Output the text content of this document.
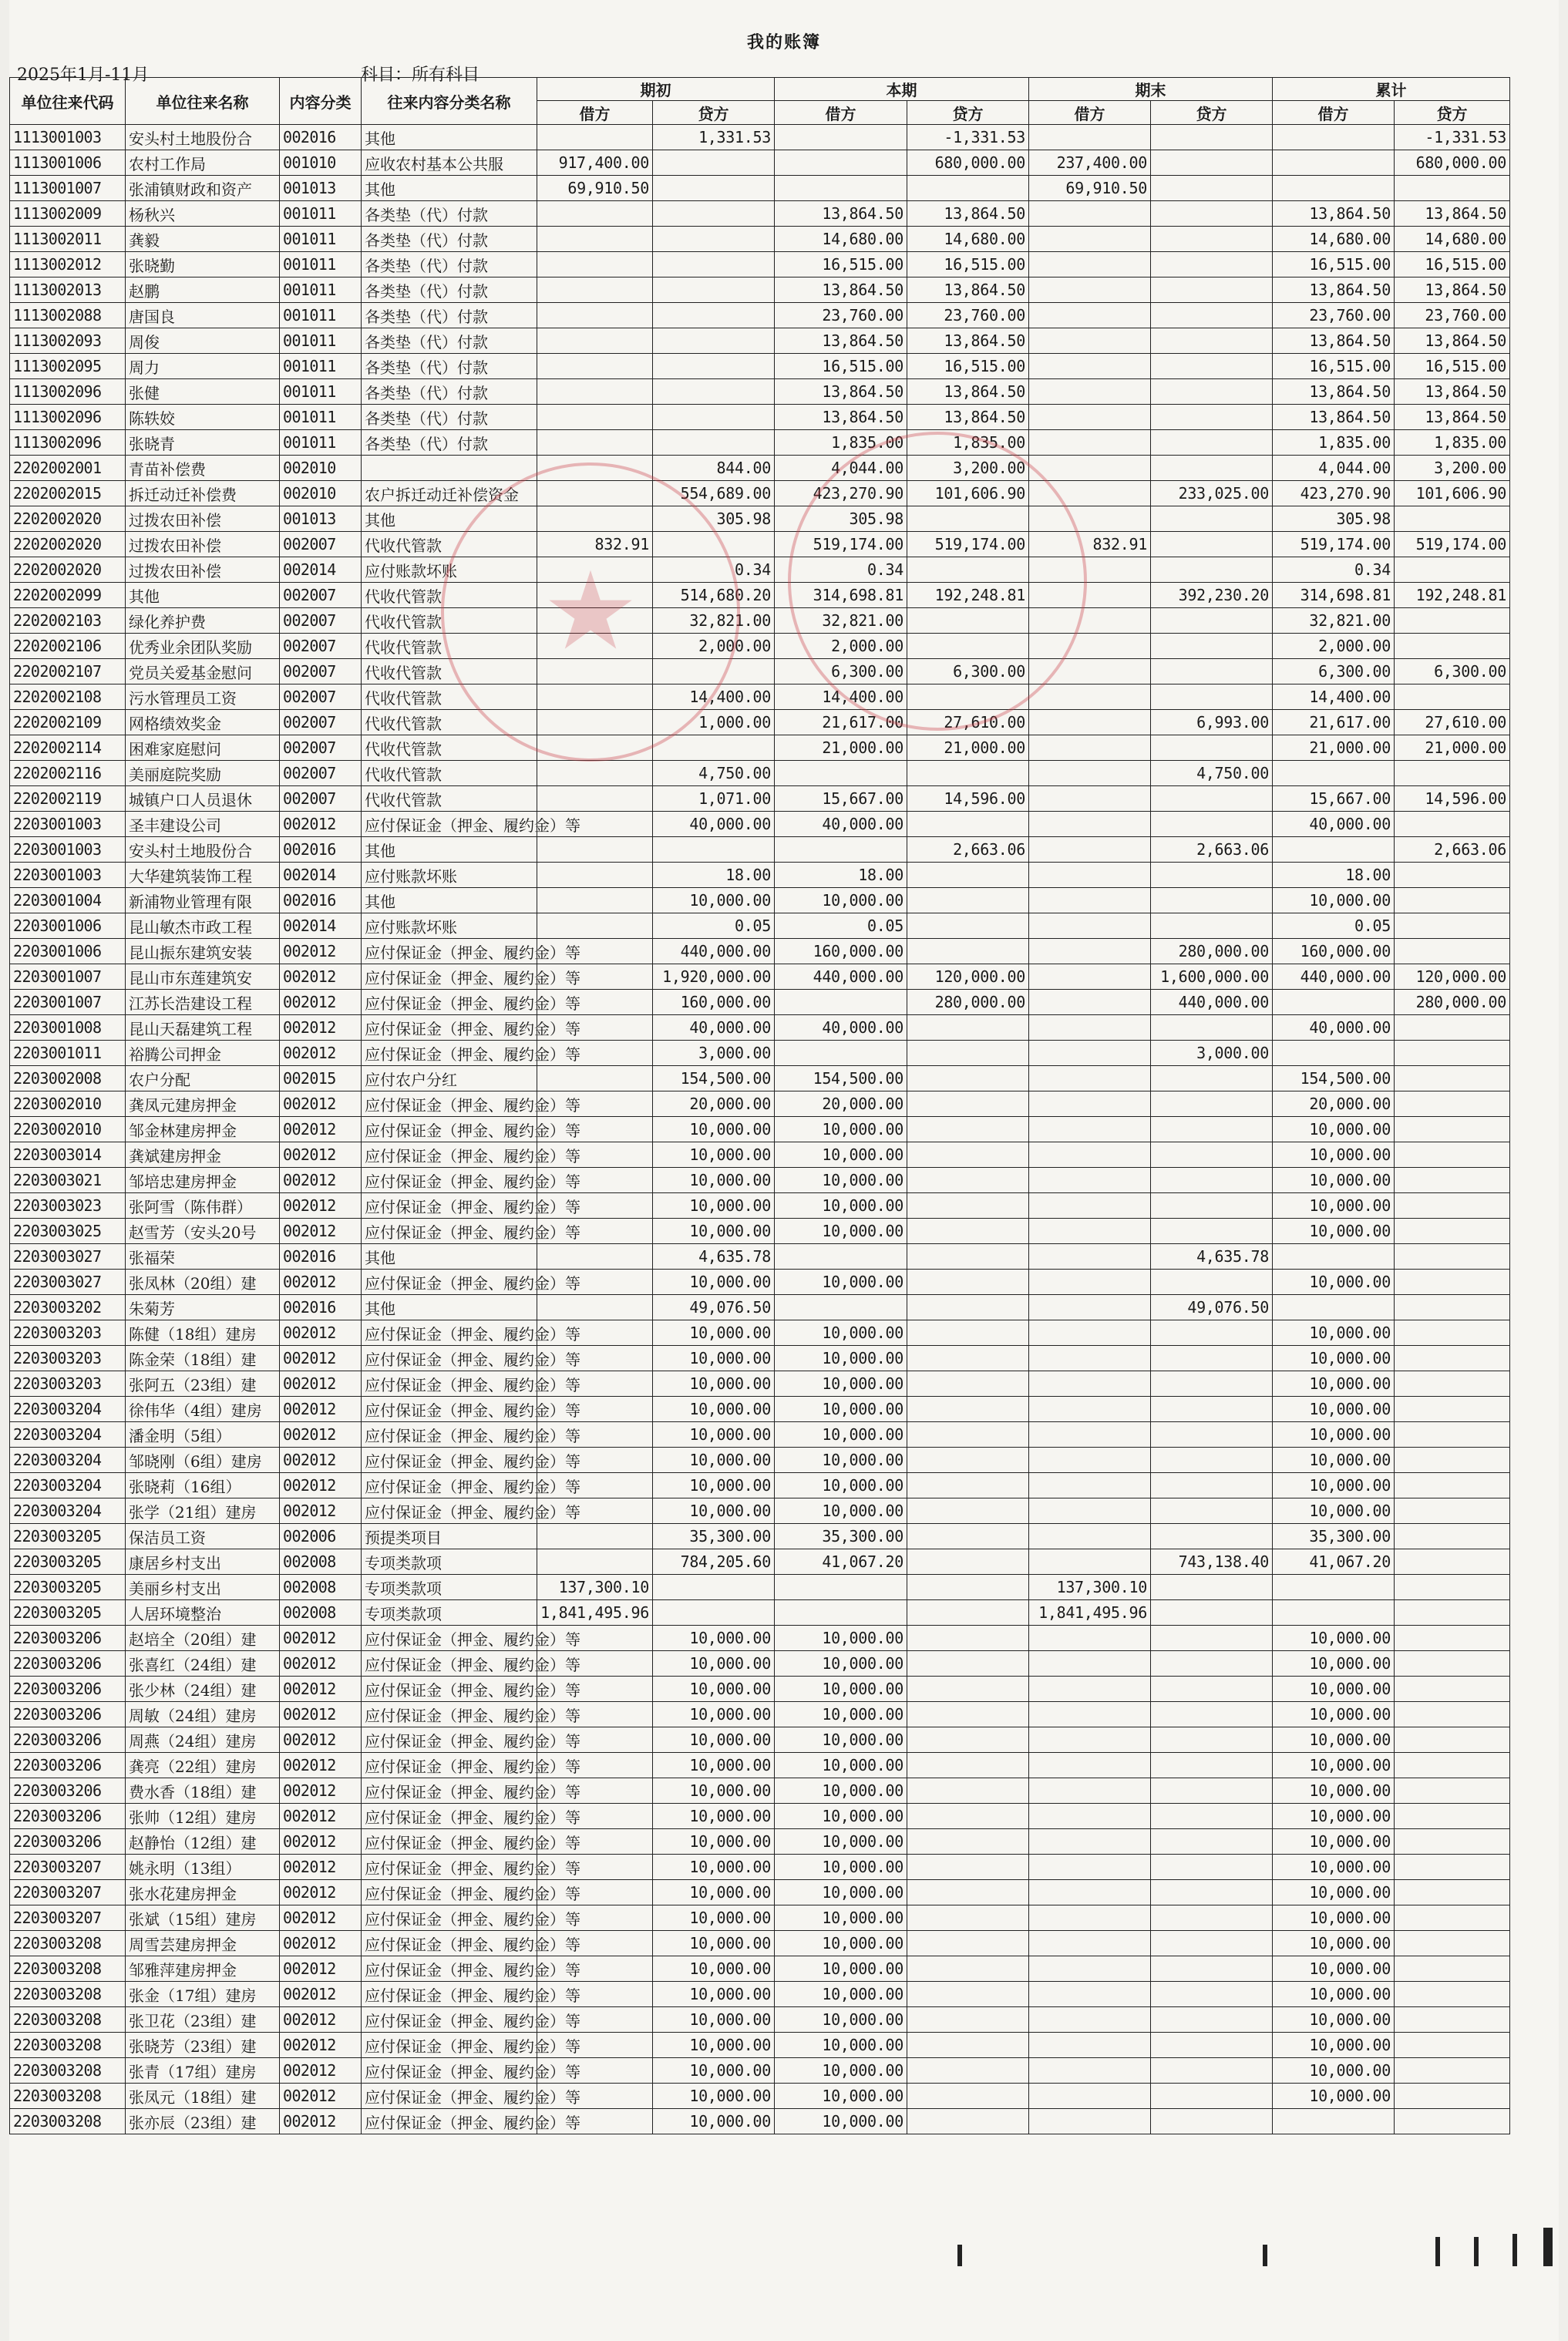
我的账簿
2025年1月-11月	科目：所有科目
单位往来代码	单位往来名称	内容分类	往来内容分类名称	期初		本期		期末		累计	
				借方	贷方	借方	贷方	借方	贷方	借方	贷方
1113001003	安头村土地股份合	002016	其他		1,331.53		-1,331.53				-1,331.53
1113001006	农村工作局	001010	应收农村基本公共服	917,400.00			680,000.00	237,400.00			680,000.00
1113001007	张浦镇财政和资产	001013	其他	69,910.50				69,910.50			
1113002009	杨秋兴	001011	各类垫（代）付款			13,864.50	13,864.50			13,864.50	13,864.50
1113002011	龚毅	001011	各类垫（代）付款			14,680.00	14,680.00			14,680.00	14,680.00
1113002012	张晓勤	001011	各类垫（代）付款			16,515.00	16,515.00			16,515.00	16,515.00
1113002013	赵鹏	001011	各类垫（代）付款			13,864.50	13,864.50			13,864.50	13,864.50
1113002088	唐国良	001011	各类垫（代）付款			23,760.00	23,760.00			23,760.00	23,760.00
1113002093	周俊	001011	各类垫（代）付款			13,864.50	13,864.50			13,864.50	13,864.50
1113002095	周力	001011	各类垫（代）付款			16,515.00	16,515.00			16,515.00	16,515.00
1113002096	张健	001011	各类垫（代）付款			13,864.50	13,864.50			13,864.50	13,864.50
1113002096	陈轶姣	001011	各类垫（代）付款			13,864.50	13,864.50			13,864.50	13,864.50
1113002096	张晓青	001011	各类垫（代）付款			1,835.00	1,835.00			1,835.00	1,835.00
2202002001	青苗补偿费	002010			844.00	4,044.00	3,200.00			4,044.00	3,200.00
2202002015	拆迁动迁补偿费	002010	农户拆迁动迁补偿资金		554,689.00	423,270.90	101,606.90		233,025.00	423,270.90	101,606.90
2202002020	过拨农田补偿	001013	其他		305.98	305.98				305.98	
2202002020	过拨农田补偿	002007	代收代管款	832.91		519,174.00	519,174.00	832.91		519,174.00	519,174.00
2202002020	过拨农田补偿	002014	应付账款坏账		0.34	0.34				0.34	
2202002099	其他	002007	代收代管款		514,680.20	314,698.81	192,248.81		392,230.20	314,698.81	192,248.81
2202002103	绿化养护费	002007	代收代管款		32,821.00	32,821.00				32,821.00	
2202002106	优秀业余团队奖励	002007	代收代管款		2,000.00	2,000.00				2,000.00	
2202002107	党员关爱基金慰问	002007	代收代管款			6,300.00	6,300.00			6,300.00	6,300.00
2202002108	污水管理员工资	002007	代收代管款		14,400.00	14,400.00				14,400.00	
2202002109	网格绩效奖金	002007	代收代管款		1,000.00	21,617.00	27,610.00		6,993.00	21,617.00	27,610.00
2202002114	困难家庭慰问	002007	代收代管款			21,000.00	21,000.00			21,000.00	21,000.00
2202002116	美丽庭院奖励	002007	代收代管款		4,750.00				4,750.00		
2202002119	城镇户口人员退休	002007	代收代管款		1,071.00	15,667.00	14,596.00			15,667.00	14,596.00
2203001003	圣丰建设公司	002012	应付保证金（押金、履约金）等		40,000.00	40,000.00				40,000.00	
2203001003	安头村土地股份合	002016	其他				2,663.06		2,663.06		2,663.06
2203001003	大华建筑装饰工程	002014	应付账款坏账		18.00	18.00				18.00	
2203001004	新浦物业管理有限	002016	其他		10,000.00	10,000.00				10,000.00	
2203001006	昆山敏杰市政工程	002014	应付账款坏账		0.05	0.05				0.05	
2203001006	昆山振东建筑安装	002012	应付保证金（押金、履约金）等		440,000.00	160,000.00			280,000.00	160,000.00	
2203001007	昆山市东莲建筑安	002012	应付保证金（押金、履约金）等		1,920,000.00	440,000.00	120,000.00		1,600,000.00	440,000.00	120,000.00
2203001007	江苏长浩建设工程	002012	应付保证金（押金、履约金）等		160,000.00		280,000.00		440,000.00		280,000.00
2203001008	昆山天磊建筑工程	002012	应付保证金（押金、履约金）等		40,000.00	40,000.00				40,000.00	
2203001011	裕腾公司押金	002012	应付保证金（押金、履约金）等		3,000.00				3,000.00		
2203002008	农户分配	002015	应付农户分红		154,500.00	154,500.00				154,500.00	
2203002010	龚凤元建房押金	002012	应付保证金（押金、履约金）等		20,000.00	20,000.00				20,000.00	
2203002010	邹金林建房押金	002012	应付保证金（押金、履约金）等		10,000.00	10,000.00				10,000.00	
2203003014	龚斌建房押金	002012	应付保证金（押金、履约金）等		10,000.00	10,000.00				10,000.00	
2203003021	邹培忠建房押金	002012	应付保证金（押金、履约金）等		10,000.00	10,000.00				10,000.00	
2203003023	张阿雪（陈伟群）	002012	应付保证金（押金、履约金）等		10,000.00	10,000.00				10,000.00	
2203003025	赵雪芳（安头20号	002012	应付保证金（押金、履约金）等		10,000.00	10,000.00				10,000.00	
2203003027	张福荣	002016	其他		4,635.78				4,635.78		
2203003027	张凤林（20组）建	002012	应付保证金（押金、履约金）等		10,000.00	10,000.00				10,000.00	
2203003202	朱菊芳	002016	其他		49,076.50				49,076.50		
2203003203	陈健（18组）建房	002012	应付保证金（押金、履约金）等		10,000.00	10,000.00				10,000.00	
2203003203	陈金荣（18组）建	002012	应付保证金（押金、履约金）等		10,000.00	10,000.00				10,000.00	
2203003203	张阿五（23组）建	002012	应付保证金（押金、履约金）等		10,000.00	10,000.00				10,000.00	
2203003204	徐伟华（4组）建房	002012	应付保证金（押金、履约金）等		10,000.00	10,000.00				10,000.00	
2203003204	潘金明（5组）	002012	应付保证金（押金、履约金）等		10,000.00	10,000.00				10,000.00	
2203003204	邹晓刚（6组）建房	002012	应付保证金（押金、履约金）等		10,000.00	10,000.00				10,000.00	
2203003204	张晓莉（16组）	002012	应付保证金（押金、履约金）等		10,000.00	10,000.00				10,000.00	
2203003204	张学（21组）建房	002012	应付保证金（押金、履约金）等		10,000.00	10,000.00				10,000.00	
2203003205	保洁员工资	002006	预提类项目		35,300.00	35,300.00				35,300.00	
2203003205	康居乡村支出	002008	专项类款项		784,205.60	41,067.20			743,138.40	41,067.20	
2203003205	美丽乡村支出	002008	专项类款项	137,300.10				137,300.10			
2203003205	人居环境整治	002008	专项类款项	1,841,495.96				1,841,495.96			
2203003206	赵培全（20组）建	002012	应付保证金（押金、履约金）等		10,000.00	10,000.00				10,000.00	
2203003206	张喜红（24组）建	002012	应付保证金（押金、履约金）等		10,000.00	10,000.00				10,000.00	
2203003206	张少林（24组）建	002012	应付保证金（押金、履约金）等		10,000.00	10,000.00				10,000.00	
2203003206	周敏（24组）建房	002012	应付保证金（押金、履约金）等		10,000.00	10,000.00				10,000.00	
2203003206	周燕（24组）建房	002012	应付保证金（押金、履约金）等		10,000.00	10,000.00				10,000.00	
2203003206	龚亮（22组）建房	002012	应付保证金（押金、履约金）等		10,000.00	10,000.00				10,000.00	
2203003206	费水香（18组）建	002012	应付保证金（押金、履约金）等		10,000.00	10,000.00				10,000.00	
2203003206	张帅（12组）建房	002012	应付保证金（押金、履约金）等		10,000.00	10,000.00				10,000.00	
2203003206	赵静怡（12组）建	002012	应付保证金（押金、履约金）等		10,000.00	10,000.00				10,000.00	
2203003207	姚永明（13组）	002012	应付保证金（押金、履约金）等		10,000.00	10,000.00				10,000.00	
2203003207	张水花建房押金	002012	应付保证金（押金、履约金）等		10,000.00	10,000.00				10,000.00	
2203003207	张斌（15组）建房	002012	应付保证金（押金、履约金）等		10,000.00	10,000.00				10,000.00	
2203003208	周雪芸建房押金	002012	应付保证金（押金、履约金）等		10,000.00	10,000.00				10,000.00	
2203003208	邹雅萍建房押金	002012	应付保证金（押金、履约金）等		10,000.00	10,000.00				10,000.00	
2203003208	张金（17组）建房	002012	应付保证金（押金、履约金）等		10,000.00	10,000.00				10,000.00	
2203003208	张卫花（23组）建	002012	应付保证金（押金、履约金）等		10,000.00	10,000.00				10,000.00	
2203003208	张晓芳（23组）建	002012	应付保证金（押金、履约金）等		10,000.00	10,000.00				10,000.00	
2203003208	张青（17组）建房	002012	应付保证金（押金、履约金）等		10,000.00	10,000.00				10,000.00	
2203003208	张凤元（18组）建	002012	应付保证金（押金、履约金）等		10,000.00	10,000.00				10,000.00	
2203003208	张亦辰（23组）建	002012	应付保证金（押金、履约金）等		10,000.00	10,000.00					
★
